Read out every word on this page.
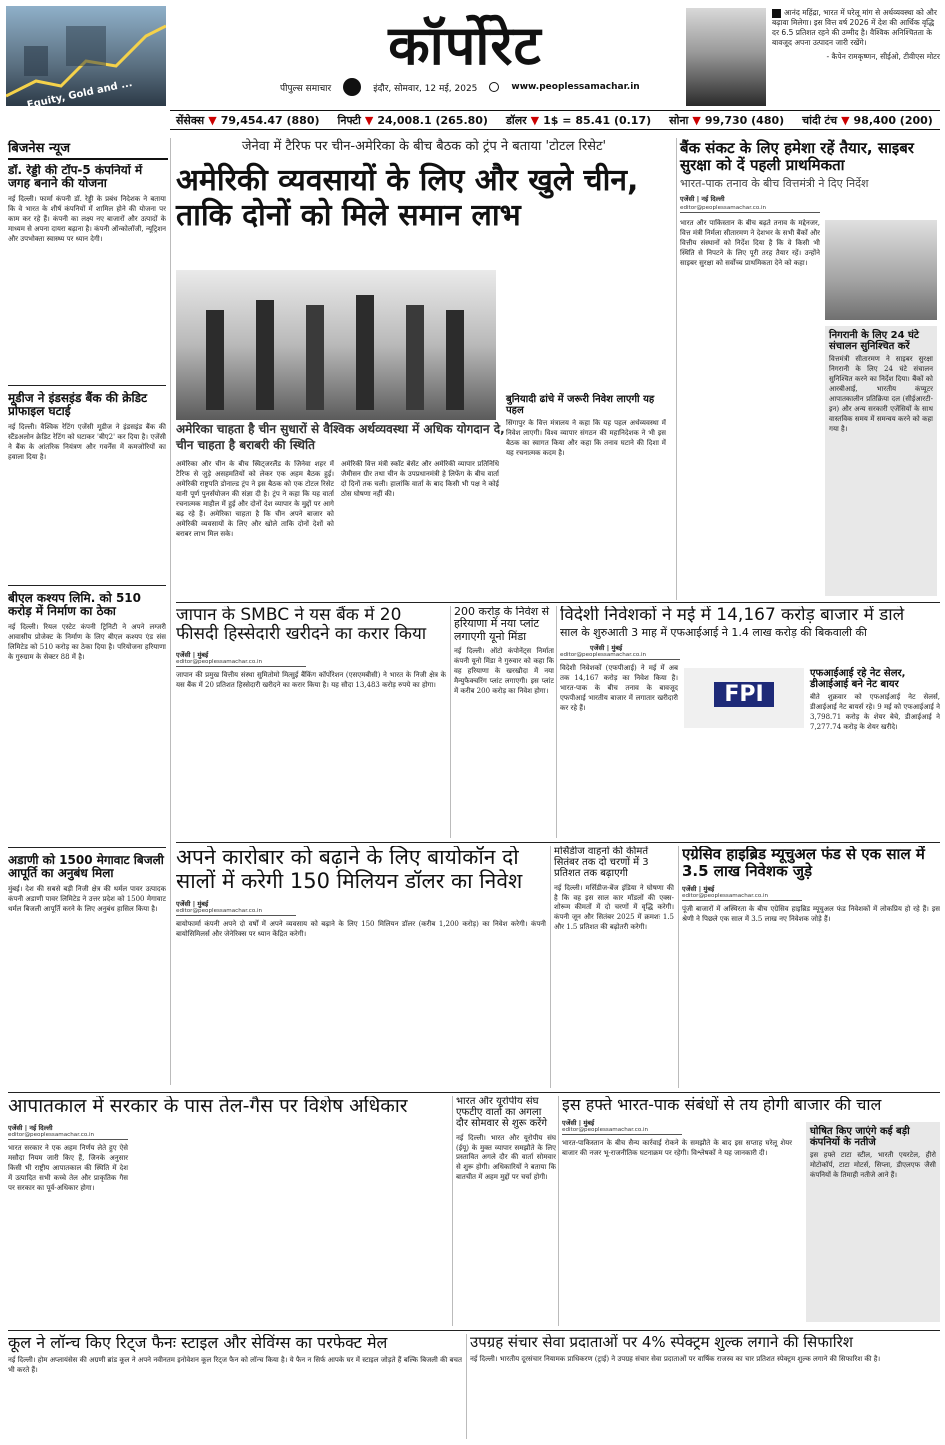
Equity, Gold and ...
कॉर्पोरेट
पीपुल्स समाचार	इंदौर, सोमवार, 12 मई, 2025	www.peoplessamachar.in
आनंद महिंद्रा, भारत में घरेलू मांग से अर्थव्यवस्था को और बढ़ावा मिलेगा। इस वित्त वर्ष 2026 में देश की आर्थिक वृद्धि दर 6.5 प्रतिशत रहने की उम्मीद है। वैश्विक अनिश्चितता के बावजूद अपना उत्पादन जारी रखेंगे।
- कैपेन रामकृष्णन, सीईओ, टीवीएस मोटर
सेंसेक्स ▼ 79,454.47 (880) निफ्टी ▼ 24,008.1 (265.80) डॉलर ▼ 1$ = 85.41 (0.17) सोना ▼ 99,730 (480) चांदी टंच ▼ 98,400 (200)
बिजनेस न्यूज
डॉ. रेड्डी की टॉप-5 कंपनियों में जगह बनाने की योजना
नई दिल्ली। फार्मा कंपनी डॉ. रेड्डी के प्रबंध निदेशक ने बताया कि वे भारत के शीर्ष कंपनियों में शामिल होने की योजना पर काम कर रहे हैं। कंपनी का लक्ष्य नए बाजारों और उत्पादों के माध्यम से अपना दायरा बढ़ाना है। कंपनी ऑन्कोलॉजी, न्यूट्रिशन और उपभोक्ता स्वास्थ्य पर ध्यान देगी।
मूडीज ने इंडसइंड बैंक की क्रेडिट प्रोफाइल घटाई
नई दिल्ली। वैश्विक रेटिंग एजेंसी मूडीज ने इंडसइंड बैंक की स्टैंडअलोन क्रेडिट रेटिंग को घटाकर 'बीए2' कर दिया है। एजेंसी ने बैंक के आंतरिक नियंत्रण और गवर्नेंस में कमजोरियों का हवाला दिया है।
बीएल कश्यप लिमि. को 510 करोड़ में निर्माण का ठेका
नई दिल्ली। रियल एस्टेट कंपनी ट्रिनिटी ने अपने लग्जरी आवासीय प्रोजेक्ट के निर्माण के लिए बीएल कश्यप एंड संस लिमिटेड को 510 करोड़ का ठेका दिया है। परियोजना हरियाणा के गुरुग्राम के सेक्टर 88 में है।
अडाणी को 1500 मेगावाट बिजली आपूर्ति का अनुबंध मिला
मुंबई। देश की सबसे बड़ी निजी क्षेत्र की थर्मल पावर उत्पादक कंपनी अडाणी पावर लिमिटेड ने उत्तर प्रदेश को 1500 मेगावाट थर्मल बिजली आपूर्ति करने के लिए अनुबंध हासिल किया है।
जेनेवा में टैरिफ पर चीन-अमेरिका के बीच बैठक को ट्रंप ने बताया 'टोटल रिसेट'
अमेरिकी व्यवसायों के लिए और खुले चीन, ताकि दोनों को मिले समान लाभ
अमेरिका चाहता है चीन सुधारों से वैश्विक अर्थव्यवस्था में अधिक योगदान दे, चीन चाहता है बराबरी की स्थिति
अमेरिका और चीन के बीच स्विट्जरलैंड के जिनेवा शहर में टैरिफ से जुड़े असहमतियों को लेकर एक अहम बैठक हुई। अमेरिकी राष्ट्रपति डोनाल्ड ट्रंप ने इस बैठक को एक टोटल रिसेट यानी पूर्ण पुनर्संयोजन की संज्ञा दी है। ट्रंप ने कहा कि यह वार्ता रचनात्मक माहौल में हुई और दोनों देश व्यापार के मुद्दों पर आगे बढ़ रहे हैं। अमेरिका चाहता है कि चीन अपने बाजार को अमेरिकी व्यवसायों के लिए और खोले ताकि दोनों देशों को बराबर लाभ मिल सके।
अमेरिकी वित्त मंत्री स्कॉट बेसेंट और अमेरिकी व्यापार प्रतिनिधि जैमीसन ग्रीर तथा चीन के उपप्रधानमंत्री हे लिफेंग के बीच वार्ता दो दिनों तक चली। हालांकि वार्ता के बाद किसी भी पक्ष ने कोई ठोस घोषणा नहीं की।
बुनियादी ढांचे में जरूरी निवेश लाएगी यह पहल
सिंगापुर के वित्त मंत्रालय ने कहा कि यह पहल अर्थव्यवस्था में निवेश लाएगी। विश्व व्यापार संगठन की महानिदेशक ने भी इस बैठक का स्वागत किया और कहा कि तनाव घटाने की दिशा में यह रचनात्मक कदम है।
बैंक संकट के लिए हमेशा रहें तैयार, साइबर सुरक्षा को दें पहली प्राथमिकता
भारत-पाक तनाव के बीच वित्तमंत्री ने दिए निर्देश
एजेंसी | नई दिल्ली
editor@peoplessamachar.co.in
भारत और पाकिस्तान के बीच बढ़ते तनाव के मद्देनजर, वित्त मंत्री निर्मला सीतारमण ने देशभर के सभी बैंकों और वित्तीय संस्थानों को निर्देश दिया है कि वे किसी भी स्थिति से निपटने के लिए पूरी तरह तैयार रहें। उन्होंने साइबर सुरक्षा को सर्वोच्च प्राथमिकता देने को कहा।
निगरानी के लिए 24 घंटे संचालन सुनिश्चित करें
वित्तमंत्री सीतारमण ने साइबर सुरक्षा निगरानी के लिए 24 घंटे संचालन सुनिश्चित करने का निर्देश दिया। बैंकों को आरबीआई, भारतीय कंप्यूटर आपातकालीन प्रतिक्रिया दल (सीईआरटी-इन) और अन्य सरकारी एजेंसियों के साथ वास्तविक समय में समन्वय करने को कहा गया है।
जापान के SMBC ने यस बैंक में 20 फीसदी हिस्सेदारी खरीदने का करार किया
एजेंसी | मुंबई
editor@peoplessamachar.co.in
जापान की प्रमुख वित्तीय संस्था सुमितोमो मित्सुई बैंकिंग कॉर्पोरेशन (एसएमबीसी) ने भारत के निजी क्षेत्र के यस बैंक में 20 प्रतिशत हिस्सेदारी खरीदने का करार किया है। यह सौदा 13,483 करोड़ रुपये का होगा।
200 करोड़ के निवेश से हरियाणा में नया प्लांट लगाएगी यूनो मिंडा
नई दिल्ली। ऑटो कंपोनेंट्स निर्माता कंपनी यूनो मिंडा ने गुरुवार को कहा कि वह हरियाणा के खरखौदा में नया मैन्युफैक्चरिंग प्लांट लगाएगी। इस प्लांट में करीब 200 करोड़ का निवेश होगा।
विदेशी निवेशकों ने मई में 14,167 करोड़ बाजार में डाले
साल के शुरुआती 3 माह में एफआईआई ने 1.4 लाख करोड़ की बिकवाली की
एजेंसी | मुंबई
editor@peoplessamachar.co.in
विदेशी निवेशकों (एफपीआई) ने मई में अब तक 14,167 करोड़ का निवेश किया है। भारत-पाक के बीच तनाव के बावजूद एफपीआई भारतीय बाजार में लगातार खरीदारी कर रहे हैं।
FPI
एफआईआई रहे नेट सेलर, डीआईआई बने नेट बायर
बीते शुक्रवार को एफआईआई नेट सेलर्स, डीआईआई नेट बायर्स रहे। 9 मई को एफआईआई ने 3,798.71 करोड़ के शेयर बेचे, डीआईआई ने 7,277.74 करोड़ के शेयर खरीदे।
अपने कारोबार को बढ़ाने के लिए बायोकॉन दो सालों में करेगी 150 मिलियन डॉलर का निवेश
एजेंसी | मुंबई
editor@peoplessamachar.co.in
बायोफार्मा कंपनी अपने दो वर्षों में अपने व्यवसाय को बढ़ाने के लिए 150 मिलियन डॉलर (करीब 1,200 करोड़) का निवेश करेगी। कंपनी बायोसिमिलर्स और जेनेरिक्स पर ध्यान केंद्रित करेगी।
मर्सिडीज वाहनों की कीमतें सितंबर तक दो चरणों में 3 प्रतिशत तक बढ़ाएगी
नई दिल्ली। मर्सिडीज-बेंज इंडिया ने घोषणा की है कि वह इस साल कार मॉडलों की एक्स-शोरूम कीमतों में दो चरणों में वृद्धि करेगी। कंपनी जून और सितंबर 2025 में क्रमशः 1.5 और 1.5 प्रतिशत की बढ़ोतरी करेगी।
एग्रेसिव हाइब्रिड म्यूचुअल फंड से एक साल में 3.5 लाख निवेशक जुड़े
एजेंसी | मुंबई
editor@peoplessamachar.co.in
पूंजी बाजारों में अस्थिरता के बीच एग्रेसिव हाइब्रिड म्यूचुअल फंड निवेशकों में लोकप्रिय हो रहे हैं। इस श्रेणी ने पिछले एक साल में 3.5 लाख नए निवेशक जोड़े हैं।
आपातकाल में सरकार के पास तेल-गैस पर विशेष अधिकार
एजेंसी | नई दिल्ली
editor@peoplessamachar.co.in
भारत सरकार ने एक अहम निर्णय लेते हुए ऐसे मसौदा नियम जारी किए हैं, जिनके अनुसार किसी भी राष्ट्रीय आपातकाल की स्थिति में देश में उत्पादित सभी कच्चे तेल और प्राकृतिक गैस पर सरकार का पूर्व-अधिकार होगा।
भारत और यूरोपीय संघ एफटीए वार्ता का अगला दौर सोमवार से शुरू करेंगे
नई दिल्ली। भारत और यूरोपीय संघ (ईयू) के मुक्त व्यापार समझौते के लिए प्रस्तावित अगले दौर की वार्ता सोमवार से शुरू होगी। अधिकारियों ने बताया कि बातचीत में अहम मुद्दों पर चर्चा होगी।
इस हफ्ते भारत-पाक संबंधों से तय होगी बाजार की चाल
एजेंसी | मुंबई
editor@peoplessamachar.co.in
भारत-पाकिस्तान के बीच सैन्य कार्रवाई रोकने के समझौते के बाद इस सप्ताह घरेलू शेयर बाजार की नजर भू-राजनीतिक घटनाक्रम पर रहेगी। विश्लेषकों ने यह जानकारी दी।
घोषित किए जाएंगे कई बड़ी कंपनियों के नतीजे
इस हफ्ते टाटा स्टील, भारती एयरटेल, हीरो मोटोकॉर्प, टाटा मोटर्स, सिप्ला, डीएलएफ जैसी कंपनियों के तिमाही नतीजे आने हैं।
कूल ने लॉन्च किए रिट्ज फैनः स्टाइल और सेविंग्स का परफेक्ट मेल
नई दिल्ली। होम अप्लायंसेस की अग्रणी ब्रांड कूल ने अपने नवीनतम इनोवेशन कूल रिट्ज फैन को लॉन्च किया है। ये फैन न सिर्फ आपके घर में स्टाइल जोड़ते हैं बल्कि बिजली की बचत भी करते हैं।
उपग्रह संचार सेवा प्रदाताओं पर 4% स्पेक्ट्रम शुल्क लगाने की सिफारिश
नई दिल्ली। भारतीय दूरसंचार नियामक प्राधिकरण (ट्राई) ने उपग्रह संचार सेवा प्रदाताओं पर वार्षिक राजस्व का चार प्रतिशत स्पेक्ट्रम शुल्क लगाने की सिफारिश की है।
